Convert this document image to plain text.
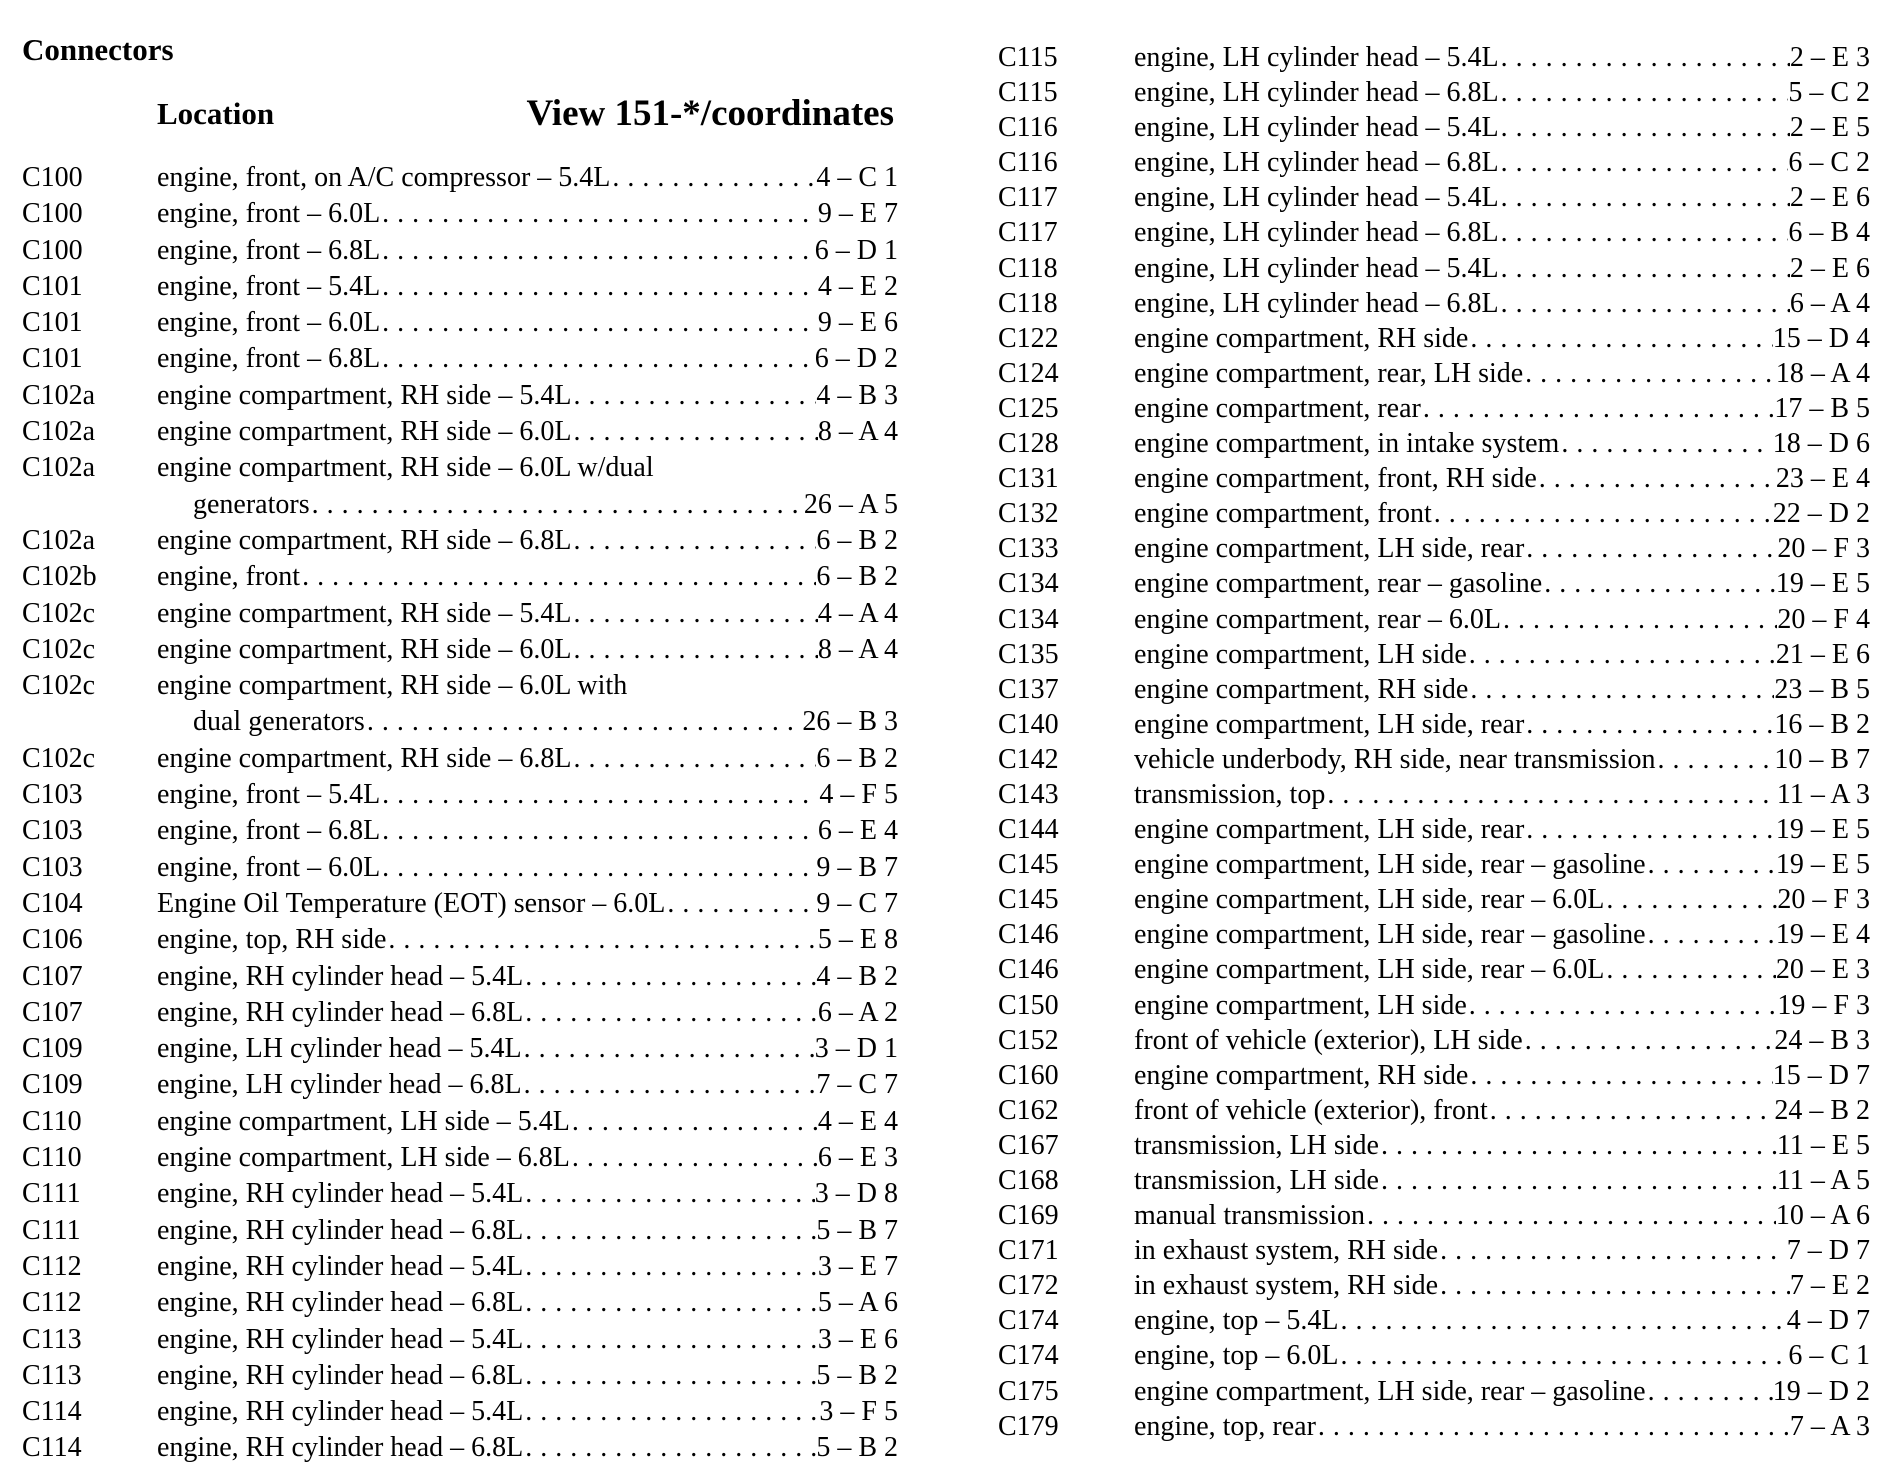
Connectors
Location	View 151-*/coordinates
C100	engine, front, on A/C compressor – 5.4L . . .	4 – C 1
C100	engine, front – 6.0L . . .	9 – E 7
C100	engine, front – 6.8L . . .	6 – D 1
C101	engine, front – 5.4L . . .	4 – E 2
C101	engine, front – 6.0L . . .	9 – E 6
C101	engine, front – 6.8L . . .	6 – D 2
C102a	engine compartment, RH side – 5.4L . . .	4 – B 3
C102a	engine compartment, RH side – 6.0L . . .	8 – A 4
C102a	engine compartment, RH side – 6.0L w/dual
generators . . .	26 – A 5
C102a	engine compartment, RH side – 6.8L . . .	6 – B 2
C102b	engine, front . . .	6 – B 2
C102c	engine compartment, RH side – 5.4L . . .	4 – A 4
C102c	engine compartment, RH side – 6.0L . . .	8 – A 4
C102c	engine compartment, RH side – 6.0L with
dual generators . . .	26 – B 3
C102c	engine compartment, RH side – 6.8L . . .	6 – B 2
C103	engine, front – 5.4L . . .	4 – F 5
C103	engine, front – 6.8L . . .	6 – E 4
C103	engine, front – 6.0L . . .	9 – B 7
C104	Engine Oil Temperature (EOT) sensor – 6.0L . . .	9 – C 7
C106	engine, top, RH side . . .	5 – E 8
C107	engine, RH cylinder head – 5.4L . . .	4 – B 2
C107	engine, RH cylinder head – 6.8L . . .	6 – A 2
C109	engine, LH cylinder head – 5.4L . . .	3 – D 1
C109	engine, LH cylinder head – 6.8L . . .	7 – C 7
C110	engine compartment, LH side – 5.4L . . .	4 – E 4
C110	engine compartment, LH side – 6.8L . . .	6 – E 3
C111	engine, RH cylinder head – 5.4L . . .	3 – D 8
C111	engine, RH cylinder head – 6.8L . . .	5 – B 7
C112	engine, RH cylinder head – 5.4L . . .	3 – E 7
C112	engine, RH cylinder head – 6.8L . . .	5 – A 6
C113	engine, RH cylinder head – 5.4L . . .	3 – E 6
C113	engine, RH cylinder head – 6.8L . . .	5 – B 2
C114	engine, RH cylinder head – 5.4L . . .	3 – F 5
C114	engine, RH cylinder head – 6.8L . . .	5 – B 2
C115	engine, LH cylinder head – 5.4L . . .	2 – E 3
C115	engine, LH cylinder head – 6.8L . . .	5 – C 2
C116	engine, LH cylinder head – 5.4L . . .	2 – E 5
C116	engine, LH cylinder head – 6.8L . . .	6 – C 2
C117	engine, LH cylinder head – 5.4L . . .	2 – E 6
C117	engine, LH cylinder head – 6.8L . . .	6 – B 4
C118	engine, LH cylinder head – 5.4L . . .	2 – E 6
C118	engine, LH cylinder head – 6.8L . . .	6 – A 4
C122	engine compartment, RH side . . .	15 – D 4
C124	engine compartment, rear, LH side . . .	18 – A 4
C125	engine compartment, rear . . .	17 – B 5
C128	engine compartment, in intake system . . .	18 – D 6
C131	engine compartment, front, RH side . . .	23 – E 4
C132	engine compartment, front . . .	22 – D 2
C133	engine compartment, LH side, rear . . .	20 – F 3
C134	engine compartment, rear – gasoline . . .	19 – E 5
C134	engine compartment, rear – 6.0L . . .	20 – F 4
C135	engine compartment, LH side . . .	21 – E 6
C137	engine compartment, RH side . . .	23 – B 5
C140	engine compartment, LH side, rear . . .	16 – B 2
C142	vehicle underbody, RH side, near transmission . . .	10 – B 7
C143	transmission, top . . .	11 – A 3
C144	engine compartment, LH side, rear . . .	19 – E 5
C145	engine compartment, LH side, rear – gasoline . . .	19 – E 5
C145	engine compartment, LH side, rear – 6.0L . . .	20 – F 3
C146	engine compartment, LH side, rear – gasoline . . .	19 – E 4
C146	engine compartment, LH side, rear – 6.0L . . .	20 – E 3
C150	engine compartment, LH side . . .	19 – F 3
C152	front of vehicle (exterior), LH side . . .	24 – B 3
C160	engine compartment, RH side . . .	15 – D 7
C162	front of vehicle (exterior), front . . .	24 – B 2
C167	transmission, LH side . . .	11 – E 5
C168	transmission, LH side . . .	11 – A 5
C169	manual transmission . . .	10 – A 6
C171	in exhaust system, RH side . . .	7 – D 7
C172	in exhaust system, RH side . . .	7 – E 2
C174	engine, top – 5.4L . . .	4 – D 7
C174	engine, top – 6.0L . . .	6 – C 1
C175	engine compartment, LH side, rear – gasoline . . .	19 – D 2
C179	engine, top, rear . . .	7 – A 3
